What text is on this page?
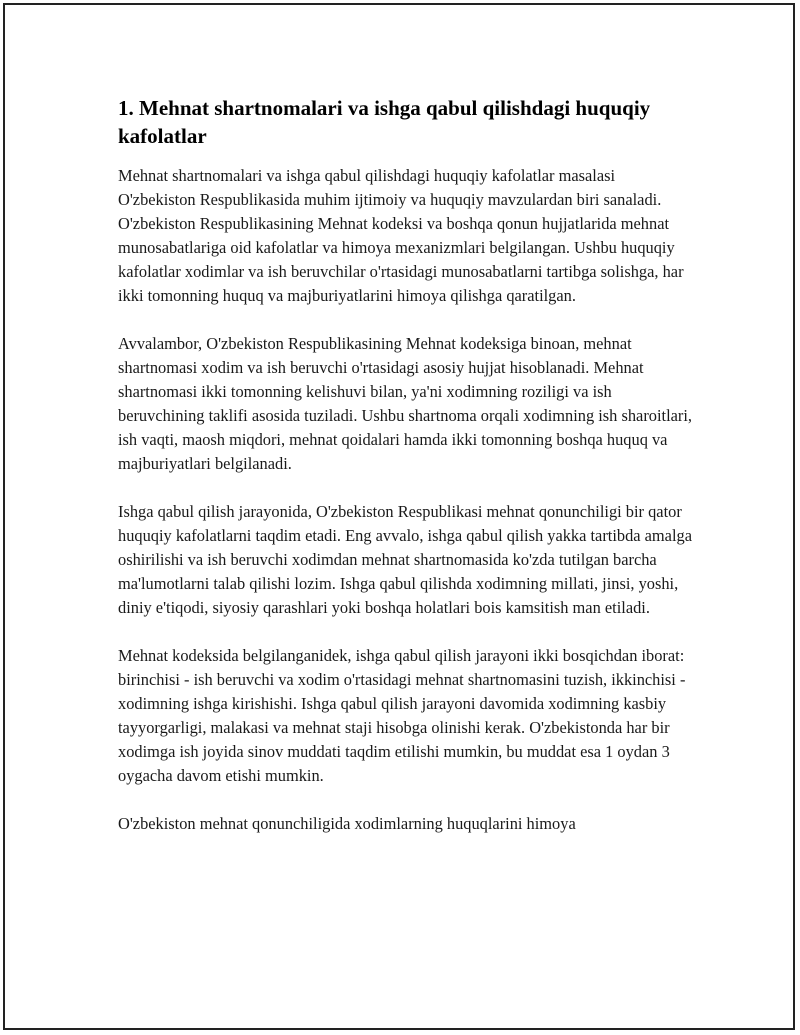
1. Mehnat shartnomalari va ishga qabul qilishdagi huquqiy kafolatlar

Mehnat shartnomalari va ishga qabul qilishdagi huquqiy kafolatlar masalasi O'zbekiston Respublikasida muhim ijtimoiy va huquqiy mavzulardan biri sanaladi. O'zbekiston Respublikasining Mehnat kodeksi va boshqa qonun hujjatlarida mehnat munosabatlariga oid kafolatlar va himoya mexanizmlari belgilangan. Ushbu huquqiy kafolatlar xodimlar va ish beruvchilar o'rtasidagi munosabatlarni tartibga solishga, har ikki tomonning huquq va majburiyatlarini himoya qilishga qaratilgan.

Avvalambor, O'zbekiston Respublikasining Mehnat kodeksiga binoan, mehnat shartnomasi xodim va ish beruvchi o'rtasidagi asosiy hujjat hisoblanadi. Mehnat shartnomasi ikki tomonning kelishuvi bilan, ya'ni xodimning roziligi va ish beruvchining taklifi asosida tuziladi. Ushbu shartnoma orqali xodimning ish sharoitlari, ish vaqti, maosh miqdori, mehnat qoidalari hamda ikki tomonning boshqa huquq va majburiyatlari belgilanadi.

Ishga qabul qilish jarayonida, O'zbekiston Respublikasi mehnat qonunchiligi bir qator huquqiy kafolatlarni taqdim etadi. Eng avvalo, ishga qabul qilish yakka tartibda amalga oshirilishi va ish beruvchi xodimdan mehnat shartnomasida ko'zda tutilgan barcha ma'lumotlarni talab qilishi lozim. Ishga qabul qilishda xodimning millati, jinsi, yoshi, diniy e'tiqodi, siyosiy qarashlari yoki boshqa holatlari bois kamsitish man etiladi.

Mehnat kodeksida belgilanganidek, ishga qabul qilish jarayoni ikki bosqichdan iborat: birinchisi - ish beruvchi va xodim o'rtasidagi mehnat shartnomasini tuzish, ikkinchisi - xodimning ishga kirishishi. Ishga qabul qilish jarayoni davomida xodimning kasbiy tayyorgarligi, malakasi va mehnat staji hisobga olinishi kerak. O'zbekistonda har bir xodimga ish joyida sinov muddati taqdim etilishi mumkin, bu muddat esa 1 oydan 3 oygacha davom etishi mumkin.

O'zbekiston mehnat qonunchiligida xodimlarning huquqlarini himoya
